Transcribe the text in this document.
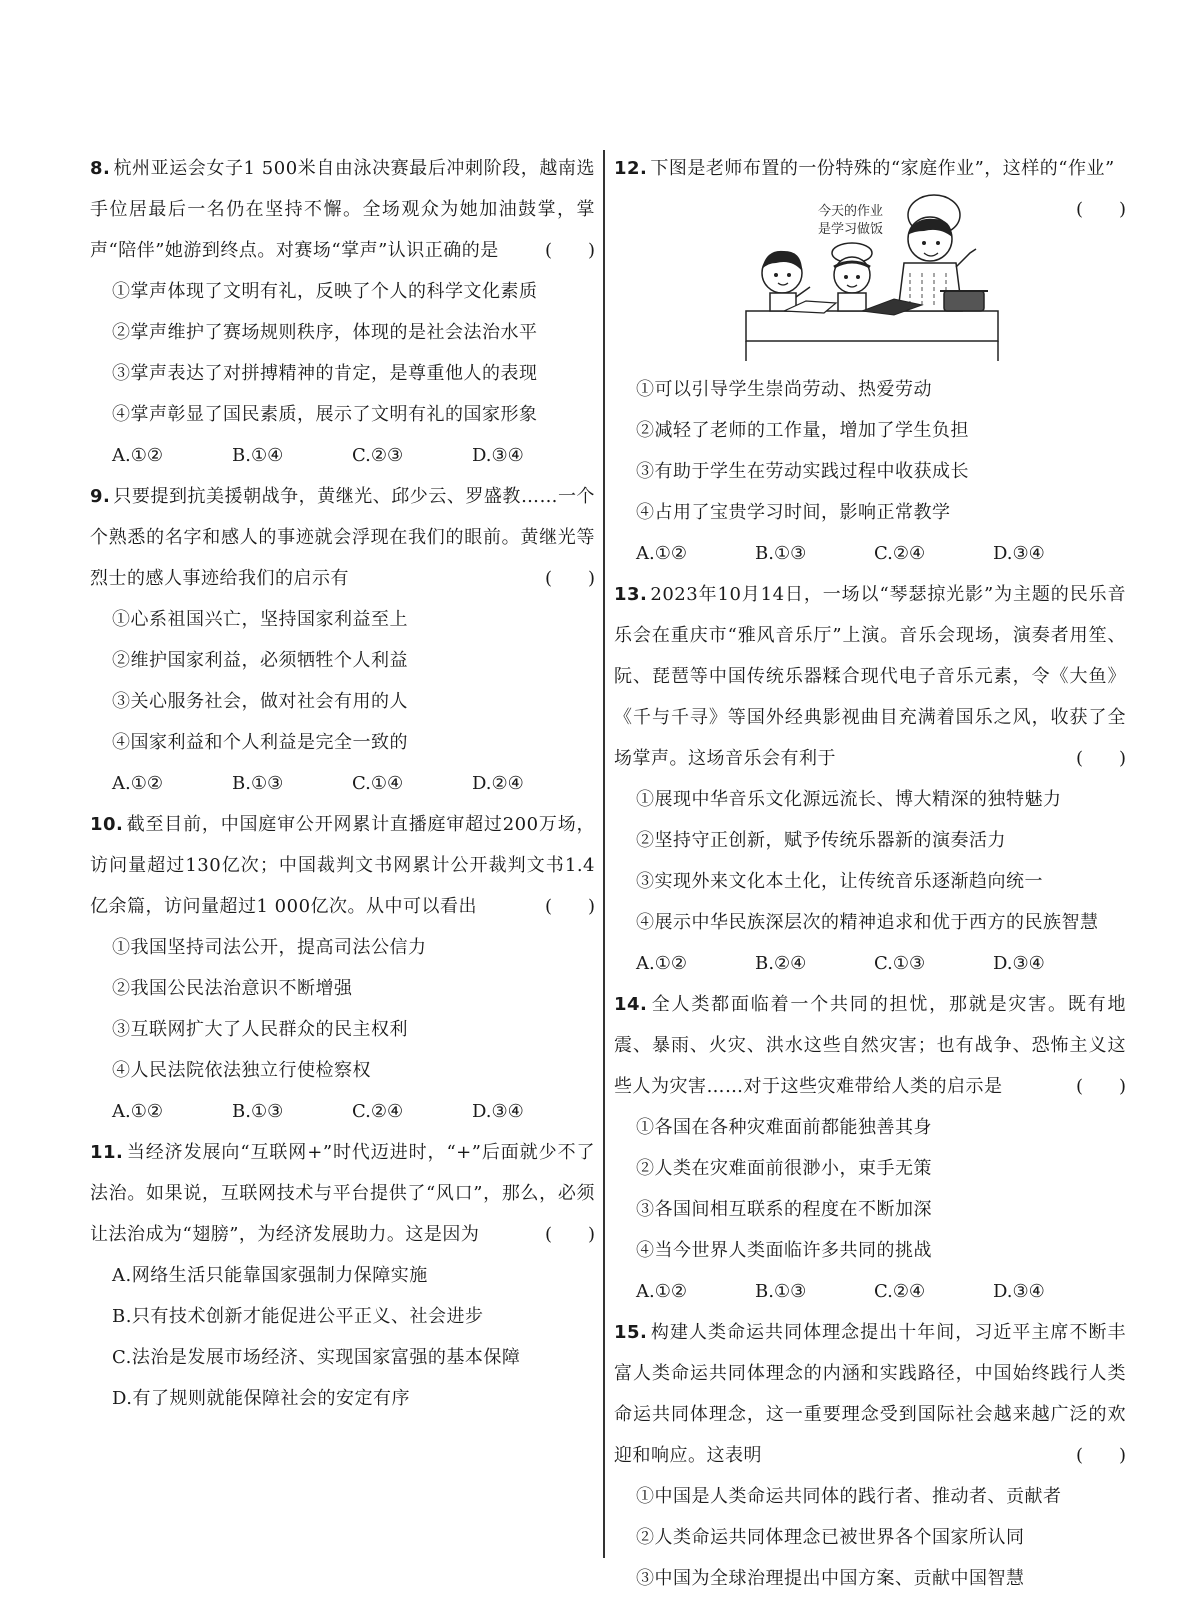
8. 杭州亚运会女子1 500米自由泳决赛最后冲刺阶段，越南选手位居最后一名仍在坚持不懈。全场观众为她加油鼓掌，掌声“陪伴”她游到终点。对赛场“掌声”认识正确的是	(　　)
①掌声体现了文明有礼，反映了个人的科学文化素质
②掌声维护了赛场规则秩序，体现的是社会法治水平
③掌声表达了对拼搏精神的肯定，是尊重他人的表现
④掌声彰显了国民素质，展示了文明有礼的国家形象
A.①②	B.①④	C.②③	D.③④
9. 只要提到抗美援朝战争，黄继光、邱少云、罗盛教……一个个熟悉的名字和感人的事迹就会浮现在我们的眼前。黄继光等烈士的感人事迹给我们的启示有	(　　)
①心系祖国兴亡，坚持国家利益至上
②维护国家利益，必须牺牲个人利益
③关心服务社会，做对社会有用的人
④国家利益和个人利益是完全一致的
A.①②	B.①③	C.①④	D.②④
10. 截至目前，中国庭审公开网累计直播庭审超过200万场，访问量超过130亿次；中国裁判文书网累计公开裁判文书1.4亿余篇，访问量超过1 000亿次。从中可以看出	(　　)
①我国坚持司法公开，提高司法公信力
②我国公民法治意识不断增强
③互联网扩大了人民群众的民主权利
④人民法院依法独立行使检察权
A.①②	B.①③	C.②④	D.③④
11. 当经济发展向“互联网+”时代迈进时，“+”后面就少不了法治。如果说，互联网技术与平台提供了“风口”，那么，必须让法治成为“翅膀”，为经济发展助力。这是因为	(　　)
A.网络生活只能靠国家强制力保障实施
B.只有技术创新才能促进公平正义、社会进步
C.法治是发展市场经济、实现国家富强的基本保障
D.有了规则就能保障社会的安定有序
12. 下图是老师布置的一份特殊的“家庭作业”，这样的“作业”
(　　)
今天的作业
是学习做饭
①可以引导学生崇尚劳动、热爱劳动
②减轻了老师的工作量，增加了学生负担
③有助于学生在劳动实践过程中收获成长
④占用了宝贵学习时间，影响正常教学
A.①②	B.①③	C.②④	D.③④
13. 2023年10月14日，一场以“琴瑟掠光影”为主题的民乐音乐会在重庆市“雅风音乐厅”上演。音乐会现场，演奏者用笙、阮、琵琶等中国传统乐器糅合现代电子音乐元素，令《大鱼》《千与千寻》等国外经典影视曲目充满着国乐之风，收获了全场掌声。这场音乐会有利于	(　　)
①展现中华音乐文化源远流长、博大精深的独特魅力
②坚持守正创新，赋予传统乐器新的演奏活力
③实现外来文化本土化，让传统音乐逐渐趋向统一
④展示中华民族深层次的精神追求和优于西方的民族智慧
A.①②	B.②④	C.①③	D.③④
14. 全人类都面临着一个共同的担忧，那就是灾害。既有地震、暴雨、火灾、洪水这些自然灾害；也有战争、恐怖主义这些人为灾害……对于这些灾难带给人类的启示是	(　　)
①各国在各种灾难面前都能独善其身
②人类在灾难面前很渺小，束手无策
③各国间相互联系的程度在不断加深
④当今世界人类面临许多共同的挑战
A.①②	B.①③	C.②④	D.③④
15. 构建人类命运共同体理念提出十年间，习近平主席不断丰富人类命运共同体理念的内涵和实践路径，中国始终践行人类命运共同体理念，这一重要理念受到国际社会越来越广泛的欢迎和响应。这表明	(　　)
①中国是人类命运共同体的践行者、推动者、贡献者
②人类命运共同体理念已被世界各个国家所认同
③中国为全球治理提出中国方案、贡献中国智慧
